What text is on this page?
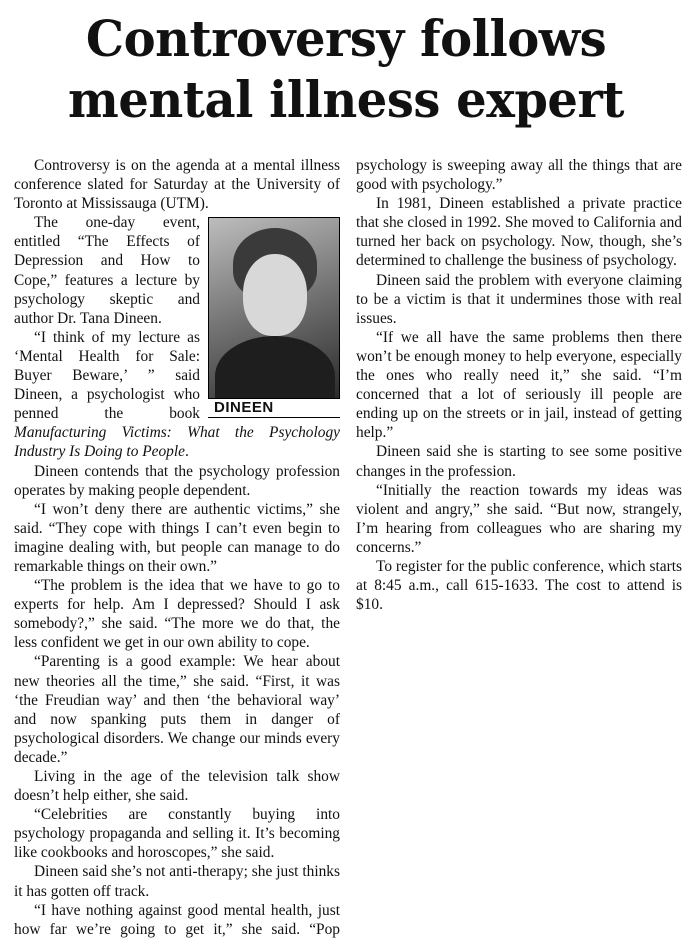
Controversy follows mental illness expert

Controversy is on the agenda at a mental illness conference slated for Saturday at the University of Toronto at Mississauga (UTM).

DINEEN

The one-day event, entitled “The Effects of Depression and How to Cope,” features a lecture by psychology skeptic and author Dr. Tana Dineen.

“I think of my lecture as ‘Mental Health for Sale: Buyer Beware,’ ” said Dineen, a psychologist who penned the book Manufacturing Victims: What the Psychology Industry Is Doing to People.

Dineen contends that the psychology profession operates by making people dependent.

“I won’t deny there are authentic victims,” she said. “They cope with things I can’t even begin to imagine dealing with, but people can manage to do remarkable things on their own.”

“The problem is the idea that we have to go to experts for help. Am I depressed? Should I ask somebody?,” she said. “The more we do that, the less confident we get in our own ability to cope.

“Parenting is a good example: We hear about new theories all the time,” she said. “First, it was ‘the Freudian way’ and then ‘the behavioral way’ and now spanking puts them in danger of psychological disorders. We change our minds every decade.”

Living in the age of the television talk show doesn’t help either, she said.

“Celebrities are constantly buying into psychology propaganda and selling it. It’s becoming like cookbooks and horoscopes,” she said.

Dineen said she’s not anti-therapy; she just thinks it has gotten off track.

“I have nothing against good mental health, just how far we’re going to get it,” she said. “Pop psychology is sweeping away all the things that are good with psychology.”

In 1981, Dineen established a private practice that she closed in 1992. She moved to California and turned her back on psychology. Now, though, she’s determined to challenge the business of psychology.

Dineen said the problem with everyone claiming to be a victim is that it undermines those with real issues.

“If we all have the same problems then there won’t be enough money to help everyone, especially the ones who really need it,” she said. “I’m concerned that a lot of seriously ill people are ending up on the streets or in jail, instead of getting help.”

Dineen said she is starting to see some positive changes in the profession.

“Initially the reaction towards my ideas was violent and angry,” she said. “But now, strangely, I’m hearing from colleagues who are sharing my concerns.”

To register for the public conference, which starts at 8:45 a.m., call 615-1633. The cost to attend is $10.
